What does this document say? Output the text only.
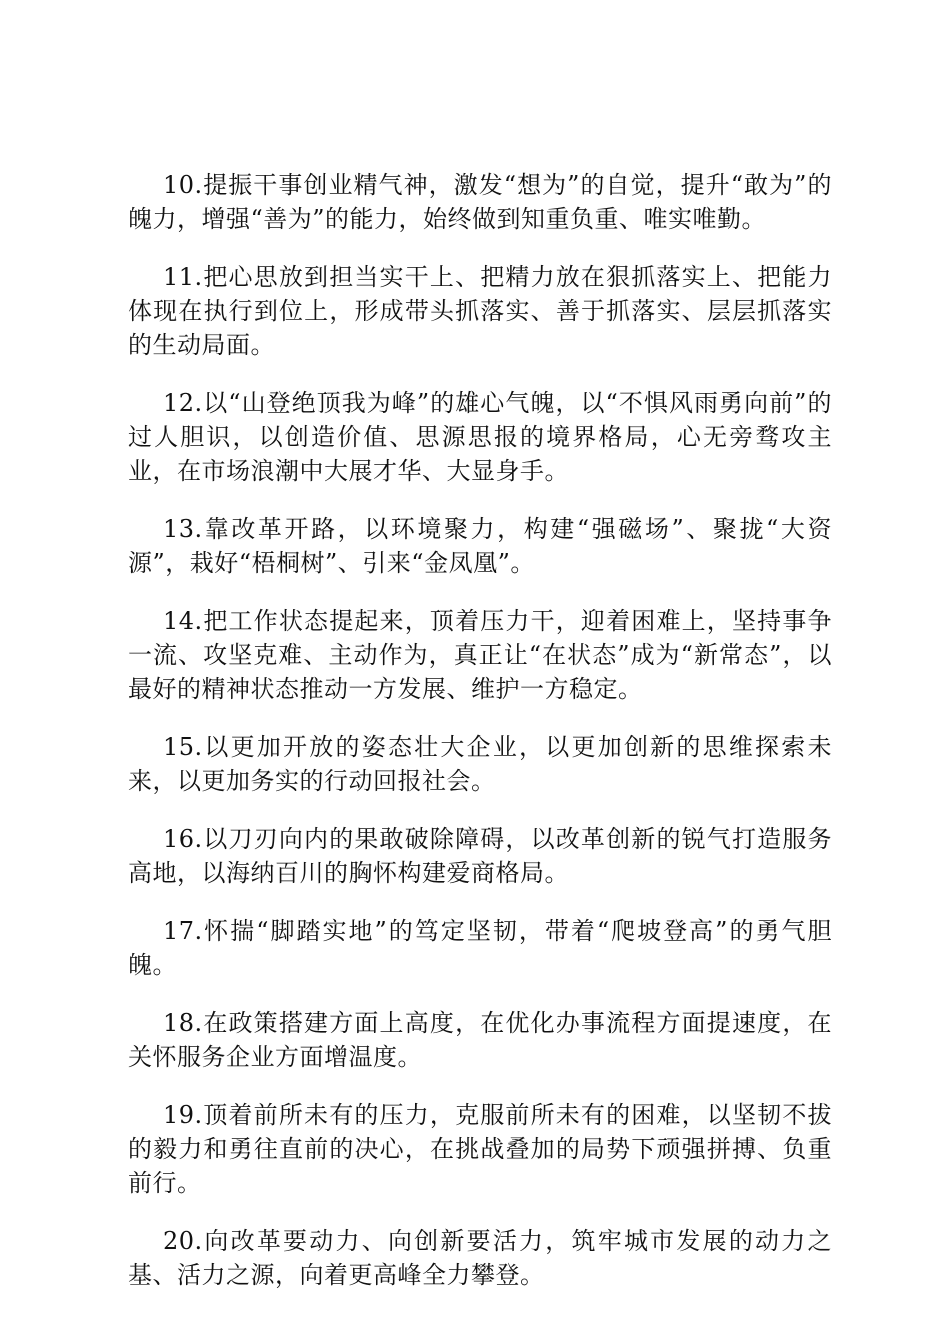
10.提振干事创业精气神，激发“想为”的自觉，提升“敢为”的魄力，增强“善为”的能力，始终做到知重负重、唯实唯勤。

11.把心思放到担当实干上、把精力放在狠抓落实上、把能力体现在执行到位上，形成带头抓落实、善于抓落实、层层抓落实的生动局面。

12.以“山登绝顶我为峰”的雄心气魄，以“不惧风雨勇向前”的过人胆识，以创造价值、思源思报的境界格局，心无旁骛攻主业，在市场浪潮中大展才华、大显身手。

13.靠改革开路，以环境聚力，构建“强磁场”、聚拢“大资源”，栽好“梧桐树”、引来“金凤凰”。

14.把工作状态提起来，顶着压力干，迎着困难上，坚持事争一流、攻坚克难、主动作为，真正让“在状态”成为“新常态”，以最好的精神状态推动一方发展、维护一方稳定。

15.以更加开放的姿态壮大企业，以更加创新的思维探索未来，以更加务实的行动回报社会。

16.以刀刃向内的果敢破除障碍，以改革创新的锐气打造服务高地，以海纳百川的胸怀构建爱商格局。

17.怀揣“脚踏实地”的笃定坚韧，带着“爬坡登高”的勇气胆魄。

18.在政策搭建方面上高度，在优化办事流程方面提速度，在关怀服务企业方面增温度。

19.顶着前所未有的压力，克服前所未有的困难，以坚韧不拔的毅力和勇往直前的决心，在挑战叠加的局势下顽强拼搏、负重前行。

20.向改革要动力、向创新要活力，筑牢城市发展的动力之基、活力之源，向着更高峰全力攀登。
